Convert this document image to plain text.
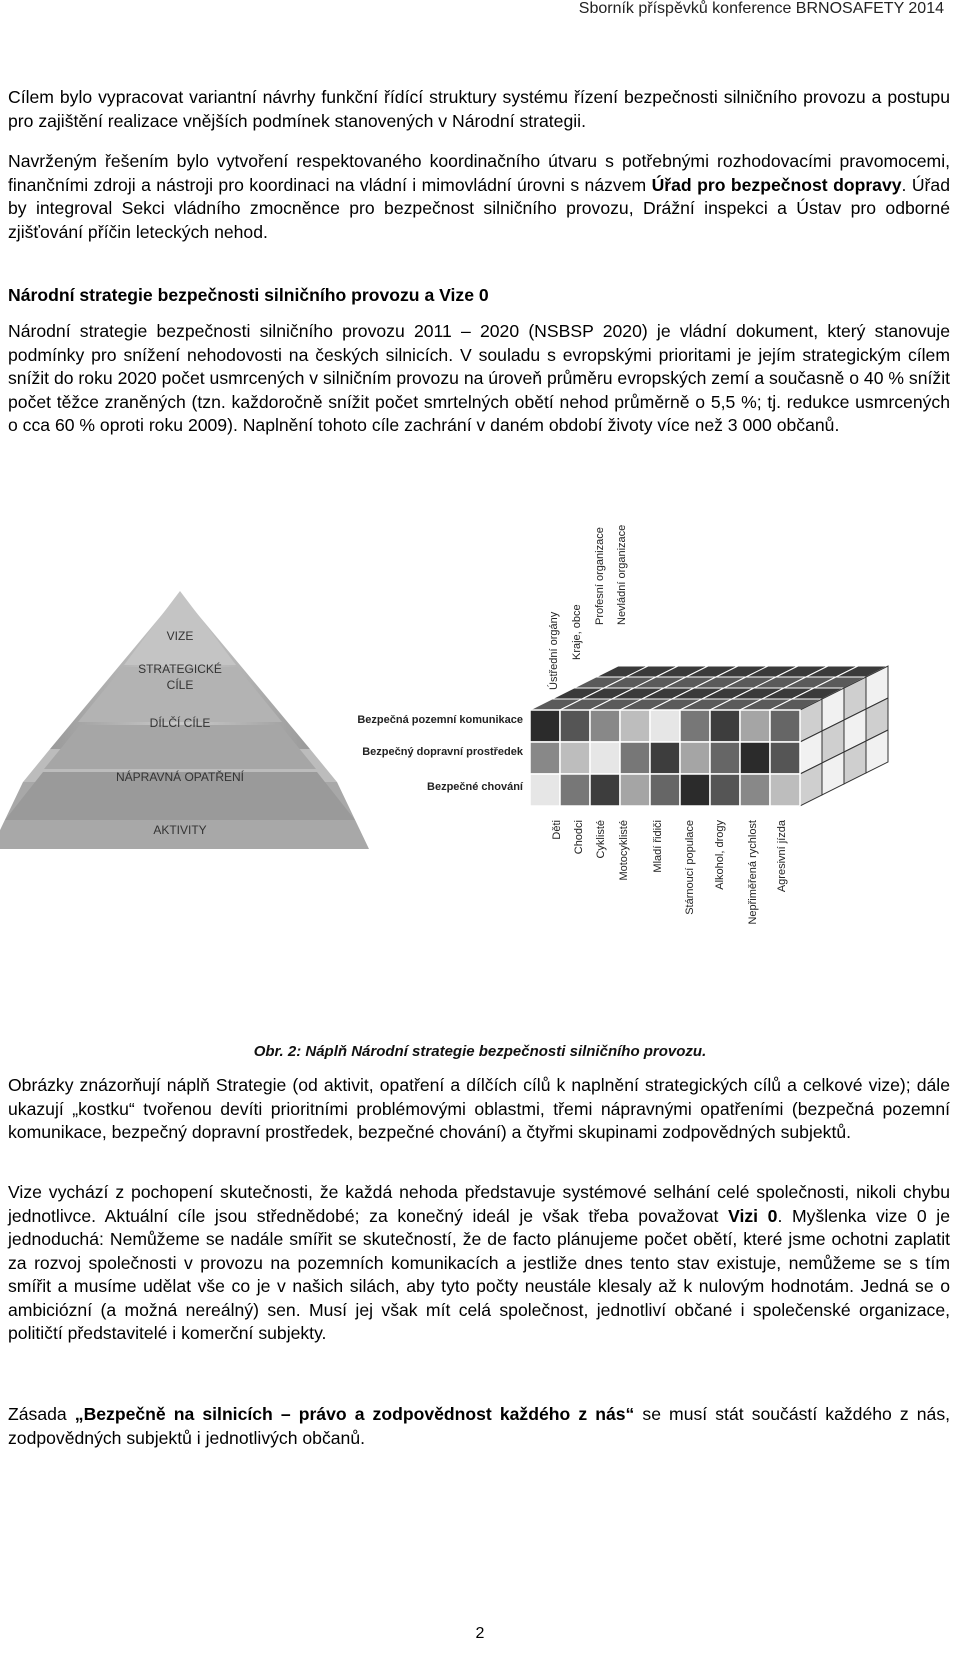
Sborník příspěvků konference BRNOSAFETY 2014

Cílem bylo vypracovat variantní návrhy funkční řídící struktury systému řízení bezpečnosti silničního provozu a postupu pro zajištění realizace vnějších podmínek stanovených v Národní strategii.

Navrženým řešením bylo vytvoření respektovaného koordinačního útvaru s potřebnými rozhodovacími pravomocemi, finančními zdroji a nástroji pro koordinaci na vládní i mimovládní úrovni s názvem Úřad pro bezpečnost dopravy. Úřad by integroval Sekci vládního zmocněnce pro bezpečnost silničního provozu, Drážní inspekci a Ústav pro odborné zjišťování příčin leteckých nehod.

Národní strategie bezpečnosti silničního provozu a Vize 0

Národní strategie bezpečnosti silničního provozu 2011 – 2020 (NSBSP 2020) je vládní dokument, který stanovuje podmínky pro snížení nehodovosti na českých silnicích. V souladu s evropskými prioritami je jejím strategickým cílem snížit do roku 2020 počet usmrcených v silničním provozu na úroveň průměru evropských zemí a současně o 40 % snížit počet těžce zraněných (tzn. každoročně snížit počet smrtelných obětí nehod průměrně o 5,5 %; tj. redukce usmrcených o cca 60 % oproti roku 2009). Naplnění tohoto cíle zachrání v daném období životy více než 3 000 občanů.

VIZE
STRATEGICKÉ
CÍLE
DÍLČÍ CÍLE
NÁPRAVNÁ OPATŘENÍ
AKTIVITY
Ústřední orgány Kraje, obce
Profesní organizace Nevládní organizace
Bezpečná pozemní komunikace
Bezpečný dopravní prostředek
Bezpečné chování
Děti Chodci Cyklisté Motocyklisté Mladí řidiči Stárnoucí populace Alkohol, drogy Nepřiměřená rychlost Agresivní jízda
Obr. 2: Náplň Národní strategie bezpečnosti silničního provozu.

Obrázky znázorňují náplň Strategie (od aktivit, opatření a dílčích cílů k naplnění strategických cílů a celkové vize); dále ukazují „kostku“ tvořenou devíti prioritními problémovými oblastmi, třemi nápravnými opatřeními (bezpečná pozemní komunikace, bezpečný dopravní prostředek, bezpečné chování) a čtyřmi skupinami zodpovědných subjektů.

Vize vychází z pochopení skutečnosti, že každá nehoda představuje systémové selhání celé společnosti, nikoli chybu jednotlivce. Aktuální cíle jsou střednědobé; za konečný ideál je však třeba považovat Vizi 0. Myšlenka vize 0 je jednoduchá: Nemůžeme se nadále smířit se skutečností, že de facto plánujeme počet obětí, které jsme ochotni zaplatit za rozvoj společnosti v provozu na pozemních komunikacích a jestliže dnes tento stav existuje, nemůžeme se s tím smířit a musíme udělat vše co je v našich silách, aby tyto počty neustále klesaly až k nulovým hodnotám. Jedná se o ambiciózní (a možná nereálný) sen. Musí jej však mít celá společnost, jednotliví občané i společenské organizace, političtí představitelé i komerční subjekty.

Zásada „Bezpečně na silnicích – právo a zodpovědnost každého z nás“ se musí stát součástí každého z nás, zodpovědných subjektů i jednotlivých občanů.

2
